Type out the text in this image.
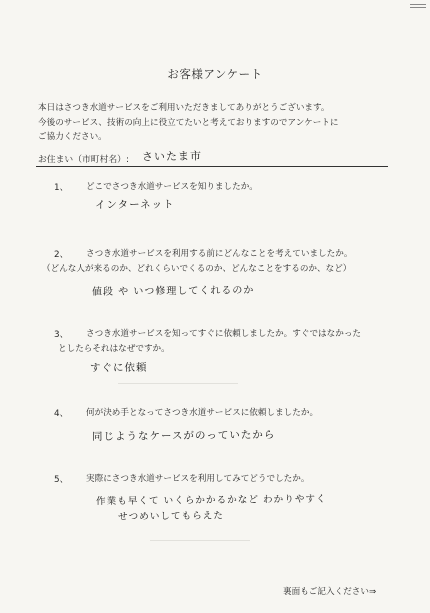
お客様アンケート
本日はさつき水道サービスをご利用いただきましてありがとうございます。
今後のサービス、技術の向上に役立てたいと考えておりますのでアンケートに
ご協力ください。
お住まい（市町村名）: さいたま市
1、 どこでさつき水道サービスを知りましたか。
インターネット
2、 さつき水道サービスを利用する前にどんなことを考えていましたか。
（どんな人が来るのか、どれくらいでくるのか、どんなことをするのか、など）
値段 や いつ修理してくれるのか
3、 さつき水道サービスを知ってすぐに依頼しましたか。すぐではなかった
としたらそれはなぜですか。
すぐに依頼
4、 何が決め手となってさつき水道サービスに依頼しましたか。
同じようなケースがのっていたから
5、 実際にさつき水道サービスを利用してみてどうでしたか。
作業も早くて いくらかかるかなど わかりやすく
せつめいしてもらえた
裏面もご記入ください⇒
